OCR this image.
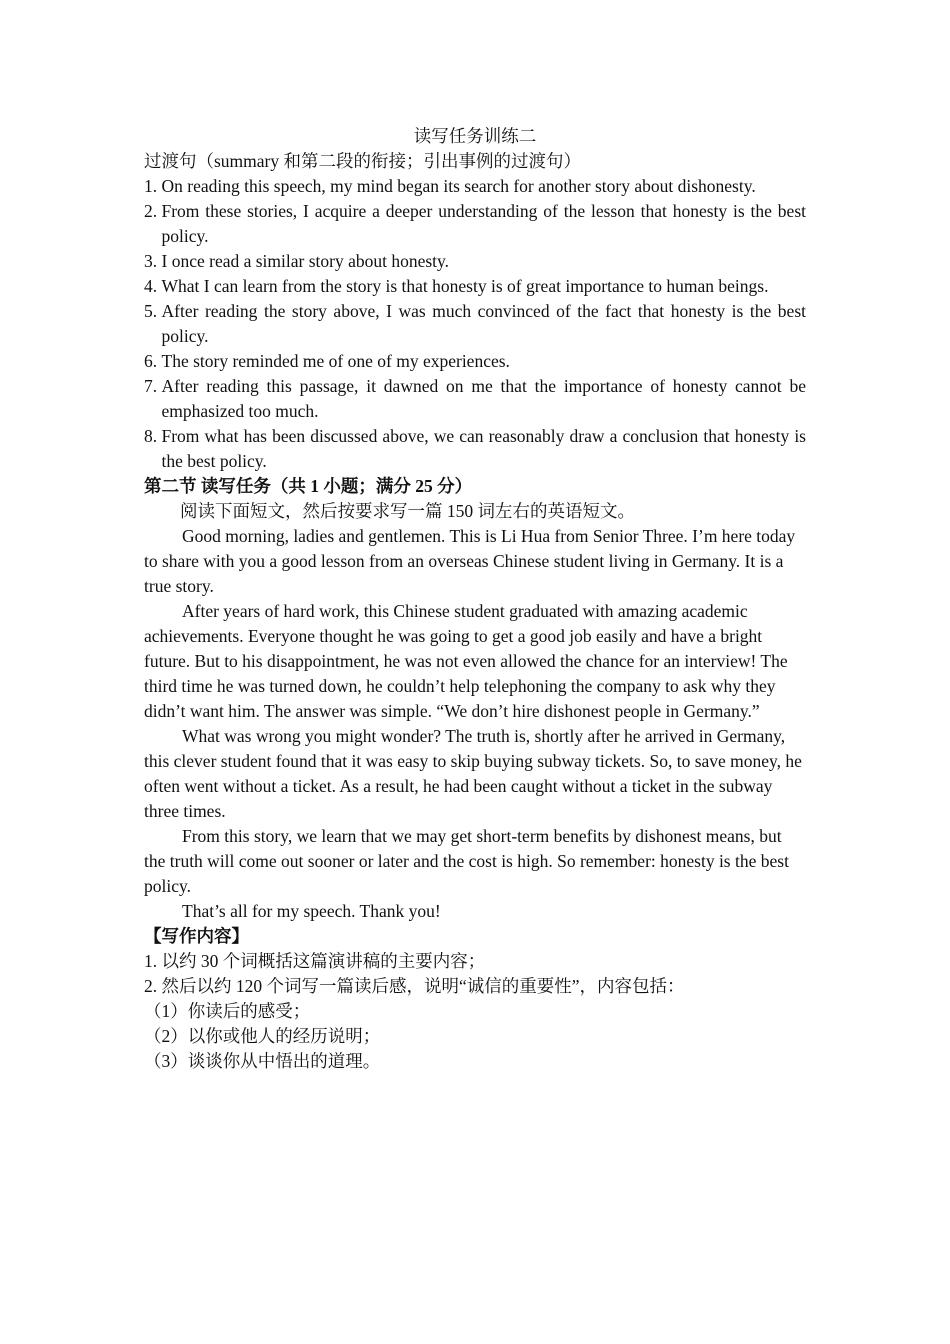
读写任务训练二
过渡句（summary 和第二段的衔接；引出事例的过渡句）
1. On reading this speech, my mind began its search for another story about dishonesty.
2. From these stories, I acquire a deeper understanding of the lesson that honesty is the best policy.
3. I once read a similar story about honesty.
4. What I can learn from the story is that honesty is of great importance to human beings.
5. After reading the story above, I was much convinced of the fact that honesty is the best policy.
6. The story reminded me of one of my experiences.
7. After reading this passage, it dawned on me that the importance of honesty cannot be emphasized too much.
8. From what has been discussed above, we can reasonably draw a conclusion that honesty is the best policy.
第二节 读写任务（共 1 小题；满分 25 分）
阅读下面短文，然后按要求写一篇 150 词左右的英语短文。
Good morning, ladies and gentlemen. This is Li Hua from Senior Three. I’m here today to share with you a good lesson from an overseas Chinese student living in Germany. It is a true story.
After years of hard work, this Chinese student graduated with amazing academic achievements. Everyone thought he was going to get a good job easily and have a bright future. But to his disappointment, he was not even allowed the chance for an interview! The third time he was turned down, he couldn’t help telephoning the company to ask why they didn’t want him. The answer was simple. “We don’t hire dishonest people in Germany.”
What was wrong you might wonder? The truth is, shortly after he arrived in Germany, this clever student found that it was easy to skip buying subway tickets. So, to save money, he often went without a ticket. As a result, he had been caught without a ticket in the subway three times.
From this story, we learn that we may get short-term benefits by dishonest means, but the truth will come out sooner or later and the cost is high. So remember: honesty is the best policy.
That’s all for my speech. Thank you!
【写作内容】
1. 以约 30 个词概括这篇演讲稿的主要内容；
2. 然后以约 120 个词写一篇读后感，说明“诚信的重要性”，内容包括：
（1）你读后的感受；
（2）以你或他人的经历说明；
（3）谈谈你从中悟出的道理。
